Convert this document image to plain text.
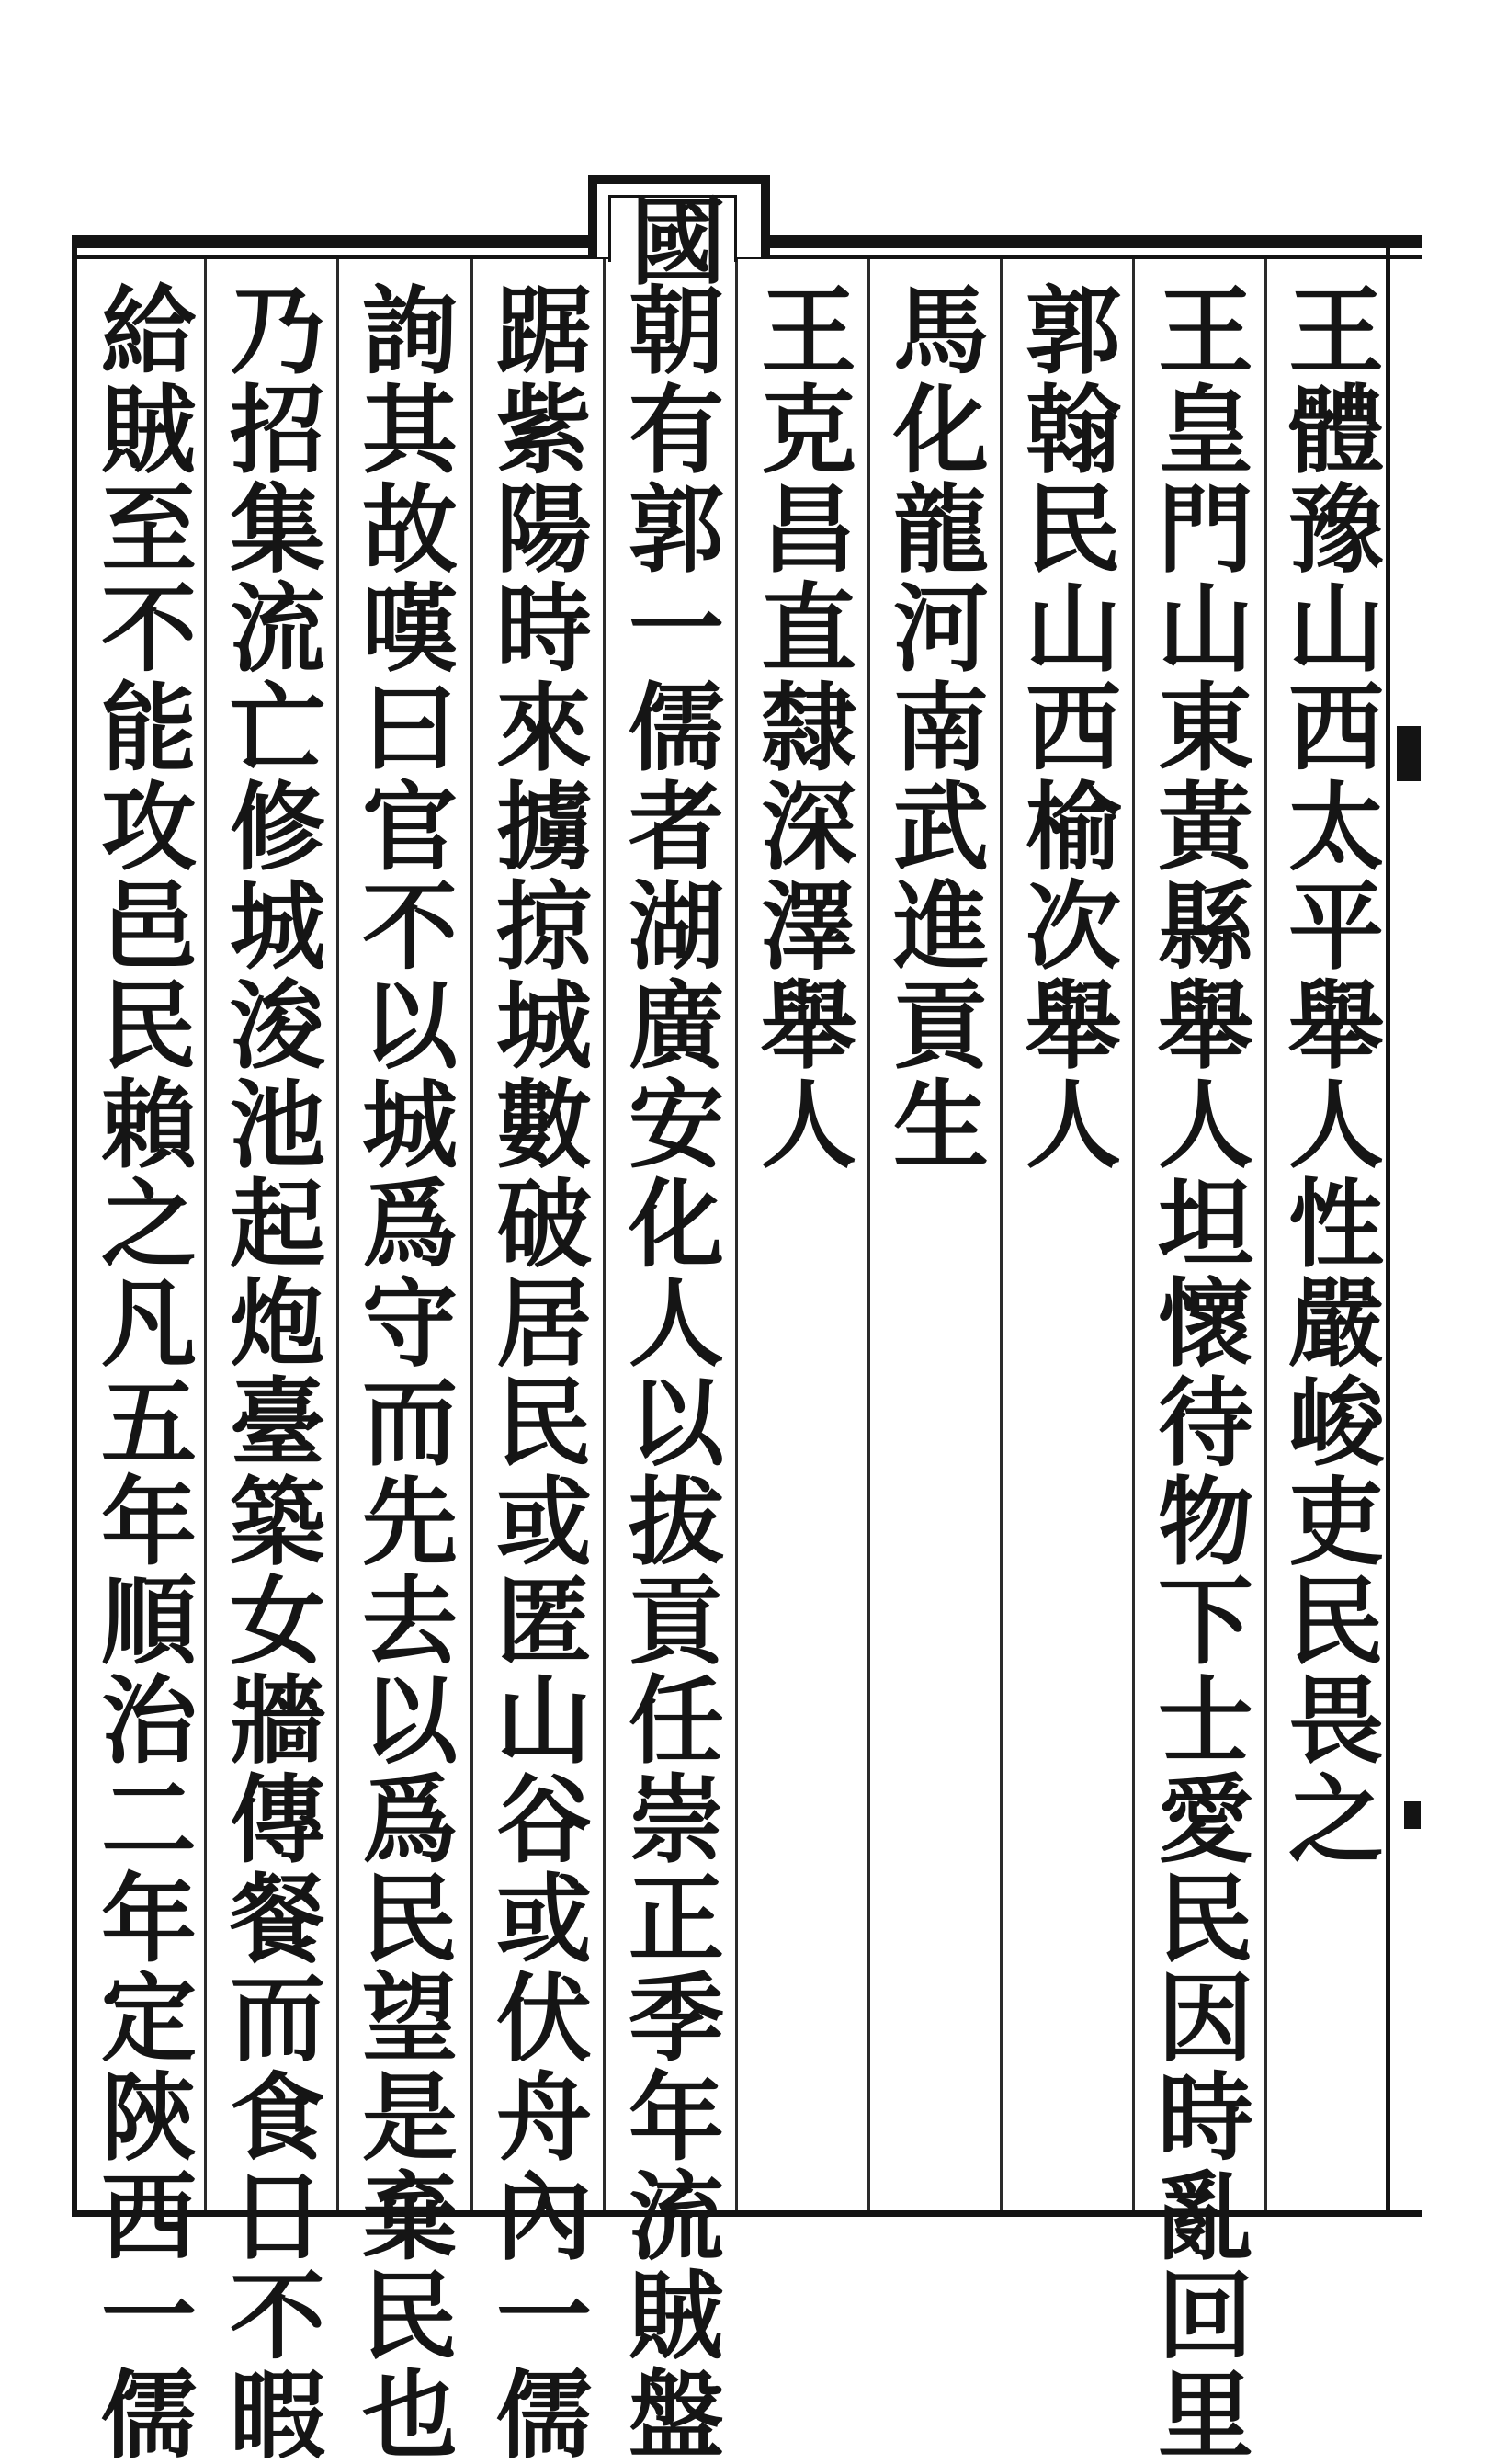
國
王體豫山西太平舉人性嚴峻吏民畏之
王皇門山東黃縣舉人坦懷待物下士愛民因時亂回里
郭翰民山西榆次舉人
馬化龍河南武進貢生
王克昌直隸深澤舉人
朝有郭一儒者湖廣安化人以拔貢任崇正季年流賊盤
踞紫陽時來擄掠城數破居民或匿山谷或伏舟內一儒
詢其故嘆曰官不以城爲守而先去以爲民望是棄民也
乃招集流亡修城浚池起炮臺築女牆傳餐而食日不暇
給賊至不能攻邑民賴之凡五年順治二年定陝西一儒
